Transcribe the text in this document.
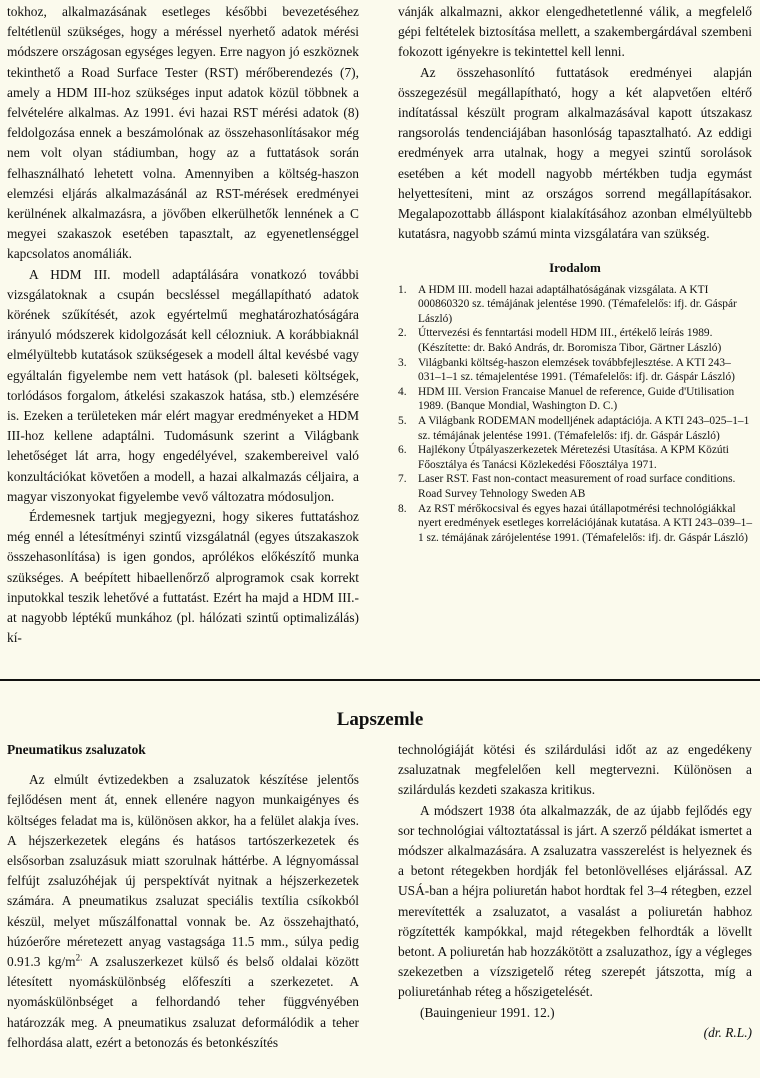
tokhoz, alkalmazásának esetleges későbbi bevezetéséhez feltétlenül szükséges, hogy a méréssel nyerhető adatok mérési módszere országosan egységes legyen. Erre nagyon jó eszköznek tekinthető a Road Surface Tester (RST) mérőberendezés (7), amely a HDM III-hoz szükséges input adatok közül többnek a felvételére alkalmas. Az 1991. évi hazai RST mérési adatok (8) feldolgozása ennek a beszámolónak az összehasonlításakor még nem volt olyan stádiumban, hogy az a futtatások során felhasználható lehetett volna. Amennyiben a költség-haszon elemzési eljárás alkalmazásánál az RST-mérések eredményei kerülnének alkalmazásra, a jövőben elkerülhetők lennének a C megyei szakaszok esetében tapasztalt, az egyenetlenséggel kapcsolatos anomáliák.

A HDM III. modell adaptálására vonatkozó további vizsgálatoknak a csupán becsléssel megállapítható adatok körének szűkítését, azok egyértelmű meghatározhatóságára irányuló módszerek kidolgozását kell célozniuk. A korábbiaknál elmélyültebb kutatások szükségesek a modell által kevésbé vagy egyáltalán figyelembe nem vett hatások (pl. baleseti költségek, torlódásos forgalom, átkelési szakaszok hatása, stb.) elemzésére is. Ezeken a területeken már elért magyar eredményeket a HDM III-hoz kellene adaptálni. Tudomásunk szerint a Világbank lehetőséget lát arra, hogy engedélyével, szakembereivel való konzultációkat követően a modell, a hazai alkalmazás céljaira, a magyar viszonyokat figyelembe vevő változatra módosuljon.

Érdemesnek tartjuk megjegyezni, hogy sikeres futtatáshoz még ennél a létesítményi szintű vizsgálatnál (egyes útszakaszok összehasonlítása) is igen gondos, aprólékos előkészítő munka szükséges. A beépített hibaellenőrző alprogramok csak korrekt inputokkal teszik lehetővé a futtatást. Ezért ha majd a HDM III.-at nagyobb léptékű munkához (pl. hálózati szintű optimalizálás) kí-

vánják alkalmazni, akkor elengedhetetlenné válik, a megfelelő gépi feltételek biztosítása mellett, a szakembergárdával szembeni fokozott igényekre is tekintettel kell lenni.

Az összehasonlító futtatások eredményei alapján összegezésül megállapítható, hogy a két alapvetően eltérő indítatással készült program alkalmazásával kapott útszakasz rangsorolás tendenciájában hasonlóság tapasztalható. Az eddigi eredmények arra utalnak, hogy a megyei szintű sorolások esetében a két modell nagyobb mértékben tudja egymást helyettesíteni, mint az országos sorrend megállapításakor. Megalapozottabb álláspont kialakításához azonban elmélyültebb kutatásra, nagyobb számú minta vizsgálatára van szükség.

Irodalom
1.	A HDM III. modell hazai adaptálhatóságának vizsgálata. A KTI 000860320 sz. témájának jelentése 1990. (Témafelelős: ifj. dr. Gáspár László)
2.	Úttervezési és fenntartási modell HDM III., értékelő leírás 1989. (Készítette: dr. Bakó András, dr. Boromisza Tibor, Gärtner László)
3.	Világbanki költség-haszon elemzések továbbfejlesztése. A KTI 243–031–1–1 sz. témajelentése 1991. (Témafelelős: ifj. dr. Gáspár László)
4.	HDM III. Version Francaise Manuel de reference, Guide d'Utilisation 1989. (Banque Mondial, Washington D. C.)
5.	A Világbank RODEMAN modelljének adaptációja. A KTI 243–025–1–1 sz. témájának jelentése 1991. (Témafelelős: ifj. dr. Gáspár László)
6.	Hajlékony Útpályaszerkezetek Méretezési Utasítása. A KPM Közúti Főosztálya és Tanácsi Közlekedési Főosztálya 1971.
7.	Laser RST. Fast non-contact measurement of road surface conditions. Road Survey Tehnology Sweden AB
8.	Az RST mérőkocsival és egyes hazai útállapotmérési technológiákkal nyert eredmények esetleges korrelációjának kutatása. A KTI 243–039–1–1 sz. témájának zárójelentése 1991. (Témafelelős: ifj. dr. Gáspár László)
Lapszemle
Pneumatikus zsaluzatok

Az elmúlt évtizedekben a zsaluzatok készítése jelentős fejlődésen ment át, ennek ellenére nagyon munkaigényes és költséges feladat ma is, különösen akkor, ha a felület alakja íves. A héjszerkezetek elegáns és hatásos tartószerkezetek és elsősorban zsaluzásuk miatt szorulnak háttérbe. A légnyomással felfújt zsaluzóhéjak új perspektívát nyitnak a héjszerkezetek számára. A pneumatikus zsaluzat speciális textília csíkokból készül, melyet műszálfonattal vonnak be. Az összehajtható, húzóerőre méretezett anyag vastagsága 11.5 mm., súlya pedig 0.91.3 $kg/m^{2.}$ A zsaluszerkezet külső és belső oldalai között létesített nyomáskülönbség előfeszíti a szerkezetet. A nyomáskülönbséget a felhordandó teher függvényében határozzák meg. A pneumatikus zsaluzat deformálódik a teher felhordása alatt, ezért a betonozás és betonkészítés

technológiáját kötési és szilárdulási időt az az engedékeny zsaluzatnak megfelelően kell megtervezni. Különösen a szilárdulás kezdeti szakasza kritikus.

A módszert 1938 óta alkalmazzák, de az újabb fejlődés egy sor technológiai változtatással is járt. A szerző példákat ismertet a módszer alkalmazására. A zsaluzatra vasszerelést is helyeznek és a betont rétegekben hordják fel betonlövelléses eljárással. AZ USÁ-ban a héjra poliuretán habot hordtak fel 3–4 rétegben, ezzel merevítették a zsaluzatot, a vasalást a poliuretán habhoz rögzítették kampókkal, majd rétegekben felhordták a lövellt betont. A poliuretán hab hozzákötött a zsaluzathoz, így a végleges szekezetben a vízszigetelő réteg szerepét játszotta, míg a poliuretánhab réteg a hőszigetelését.

(Bauingenieur 1991. 12.)

(dr. R.L.)
